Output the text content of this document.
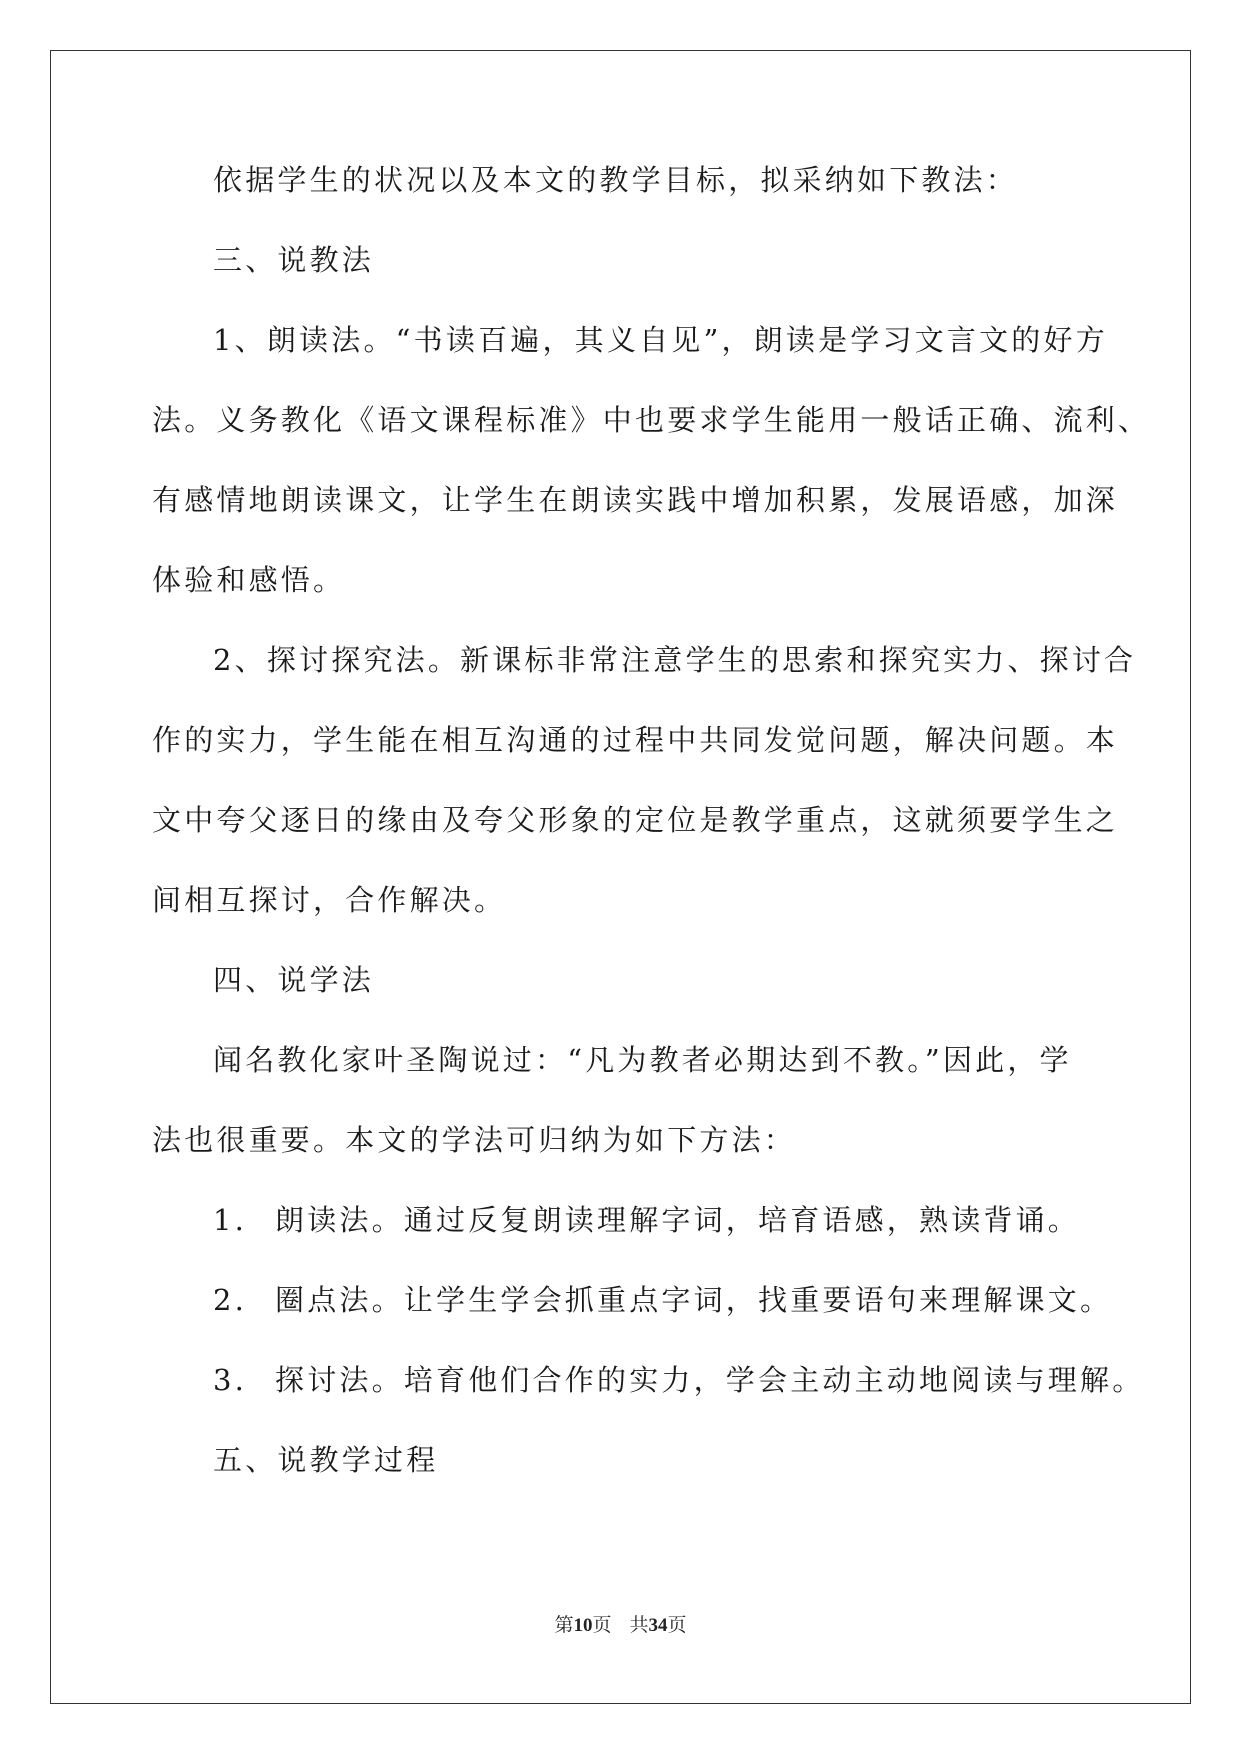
依据学生的状况以及本文的教学目标，拟采纳如下教法：
三、说教法
1、朗读法。“书读百遍，其义自见”，朗读是学习文言文的好方
法。义务教化《语文课程标准》中也要求学生能用一般话正确、流利、
有感情地朗读课文，让学生在朗读实践中增加积累，发展语感，加深
体验和感悟。
2、探讨探究法。新课标非常注意学生的思索和探究实力、探讨合
作的实力，学生能在相互沟通的过程中共同发觉问题，解决问题。本
文中夸父逐日的缘由及夸父形象的定位是教学重点，这就须要学生之
间相互探讨，合作解决。
四、说学法
闻名教化家叶圣陶说过：“凡为教者必期达到不教。”因此，学
法也很重要。本文的学法可归纳为如下方法：
1. 朗读法。通过反复朗读理解字词，培育语感，熟读背诵。
2. 圈点法。让学生学会抓重点字词，找重要语句来理解课文。
3. 探讨法。培育他们合作的实力，学会主动主动地阅读与理解。
五、说教学过程
第10页 共34页
